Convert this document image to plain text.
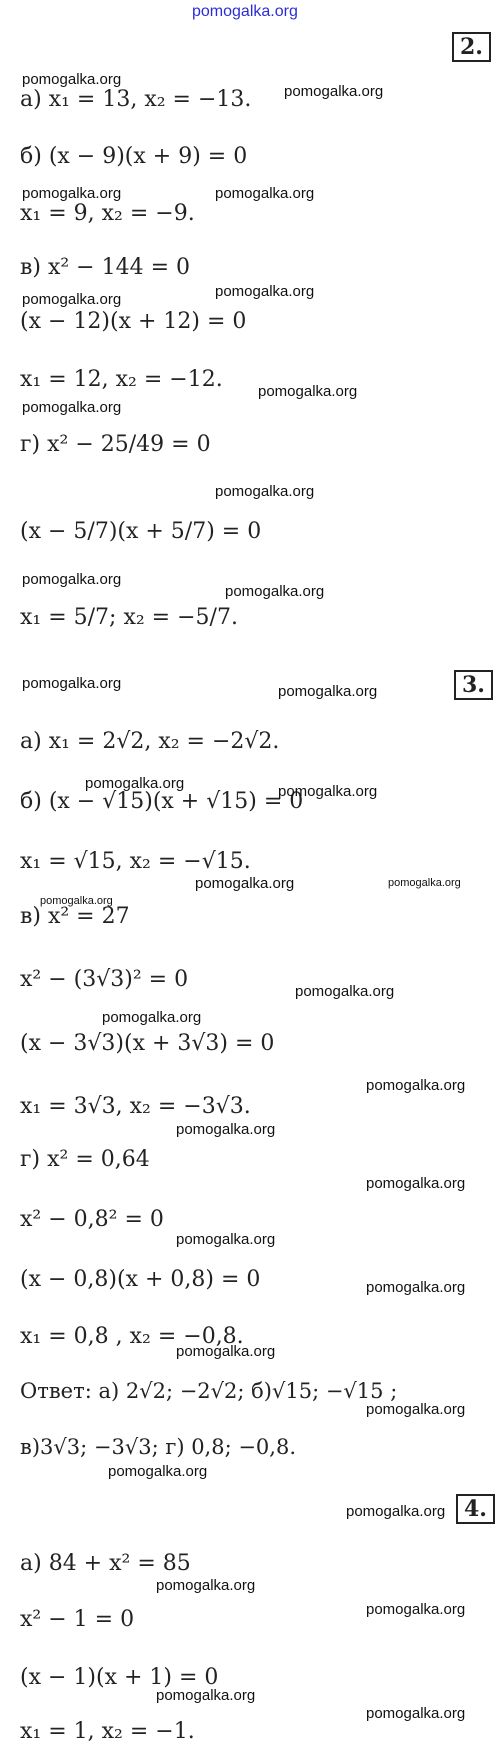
pomogalka.org
2.
а) x₁ = 13, x₂ = −13.
б) (x − 9)(x + 9) = 0
x₁ = 9, x₂ = −9.
в) x² − 144 = 0
(x − 12)(x + 12) = 0
x₁ = 12, x₂ = −12.
г) x² − 25/49 = 0
(x − 5/7)(x + 5/7) = 0
x₁ = 5/7; x₂ = −5/7.
3.
а) x₁ = 2√2, x₂ = −2√2.
б) (x − √15)(x + √15) = 0
x₁ = √15, x₂ = −√15.
в) x² = 27
x² − (3√3)² = 0
(x − 3√3)(x + 3√3) = 0
x₁ = 3√3, x₂ = −3√3.
г) x² = 0,64
x² − 0,8² = 0
(x − 0,8)(x + 0,8) = 0
x₁ = 0,8 , x₂ = −0,8.
Ответ: а) 2√2; −2√2; б)√15; −√15 ;
в)3√3; −3√3; г) 0,8; −0,8.
4.
а) 84 + x² = 85
x² − 1 = 0
(x − 1)(x + 1) = 0
x₁ = 1, x₂ = −1.
pomogalka.org
pomogalka.org
pomogalka.org	pomogalka.org
pomogalka.org	pomogalka.org
pomogalka.org
pomogalka.org
pomogalka.org
pomogalka.org
pomogalka.org
pomogalka.org	pomogalka.org
pomogalka.org	pomogalka.org
pomogalka.org
pomogalka.org
pomogalka.org
pomogalka.org
pomogalka.org
pomogalka.org
pomogalka.org
pomogalka.org
pomogalka.org
pomogalka.org
pomogalka.org
pomogalka.org
pomogalka.org
pomogalka.org
pomogalka.org
pomogalka.org
pomogalka.org
pomogalka.org
